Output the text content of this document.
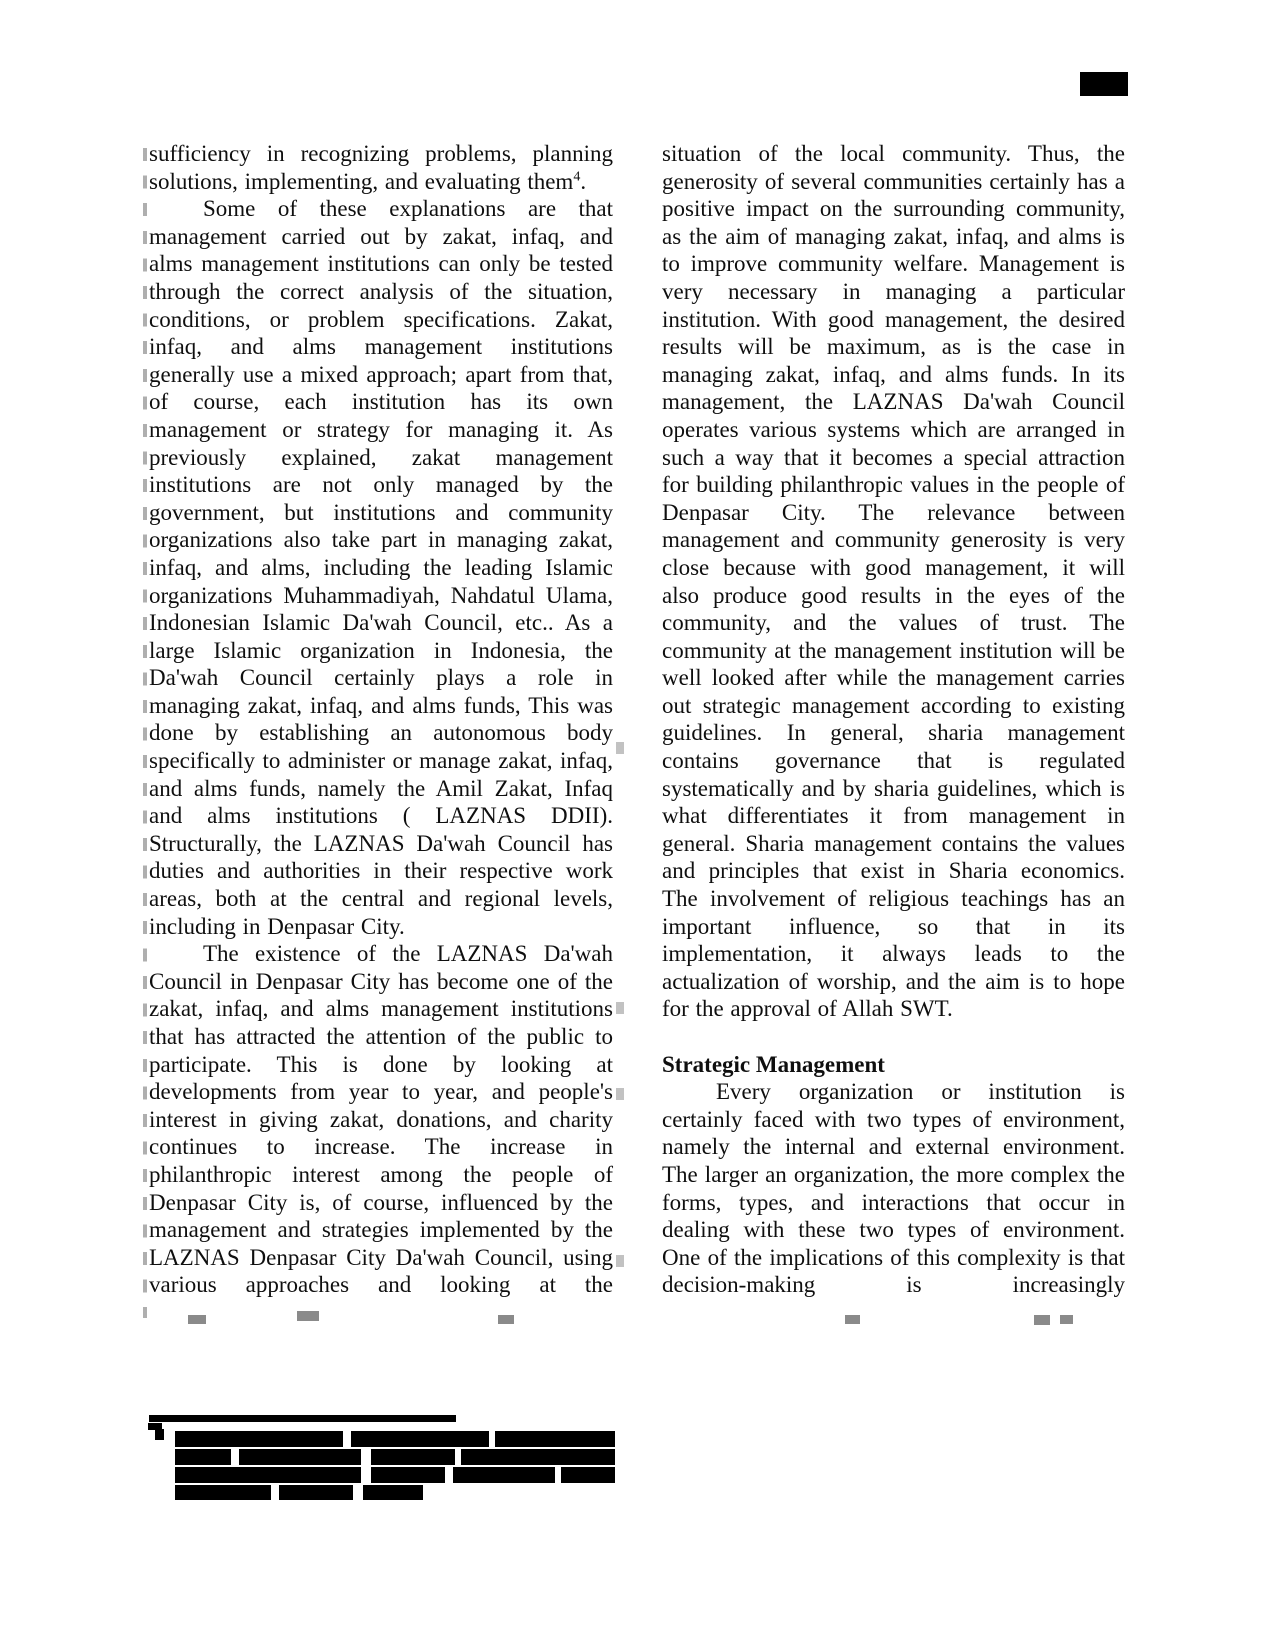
sufficiency in recognizing problems, planning solutions, implementing, and evaluating them$^4$.

Some of these explanations are that management carried out by zakat, infaq, and alms management institutions can only be tested through the correct analysis of the situation, conditions, or problem specifications. Zakat, infaq, and alms management institutions generally use a mixed approach; apart from that, of course, each institution has its own management or strategy for managing it. As previously explained, zakat management institutions are not only managed by the government, but institutions and community organizations also take part in managing zakat, infaq, and alms, including the leading Islamic organizations Muhammadiyah, Nahdatul Ulama, Indonesian Islamic Da'wah Council, etc.. As a large Islamic organization in Indonesia, the Da'wah Council certainly plays a role in managing zakat, infaq, and alms funds, This was done by establishing an autonomous body specifically to administer or manage zakat, infaq, and alms funds, namely the Amil Zakat, Infaq and alms institutions ( LAZNAS DDII). Structurally, the LAZNAS Da'wah Council has duties and authorities in their respective work areas, both at the central and regional levels, including in Denpasar City.

The existence of the LAZNAS Da'wah Council in Denpasar City has become one of the zakat, infaq, and alms management institutions that has attracted the attention of the public to participate. This is done by looking at developments from year to year, and people's interest in giving zakat, donations, and charity continues to increase. The increase in philanthropic interest among the people of Denpasar City is, of course, influenced by the management and strategies implemented by the LAZNAS Denpasar City Da'wah Council, using various approaches and looking at the

situation of the local community. Thus, the generosity of several communities certainly has a positive impact on the surrounding community, as the aim of managing zakat, infaq, and alms is to improve community welfare. Management is very necessary in managing a particular institution. With good management, the desired results will be maximum, as is the case in managing zakat, infaq, and alms funds. In its management, the LAZNAS Da'wah Council operates various systems which are arranged in such a way that it becomes a special attraction for building philanthropic values in the people of Denpasar City. The relevance between management and community generosity is very close because with good management, it will also produce good results in the eyes of the community, and the values of trust. The community at the management institution will be well looked after while the management carries out strategic management according to existing guidelines. In general, sharia management contains governance that is regulated systematically and by sharia guidelines, which is what differentiates it from management in general. Sharia management contains the values and principles that exist in Sharia economics. The involvement of religious teachings has an important influence, so that in its implementation, it always leads to the actualization of worship, and the aim is to hope for the approval of Allah SWT.

Strategic Management

Every organization or institution is certainly faced with two types of environment, namely the internal and external environment. The larger an organization, the more complex the forms, types, and interactions that occur in dealing with these two types of environment. One of the implications of this complexity is that decision-making is increasingly
